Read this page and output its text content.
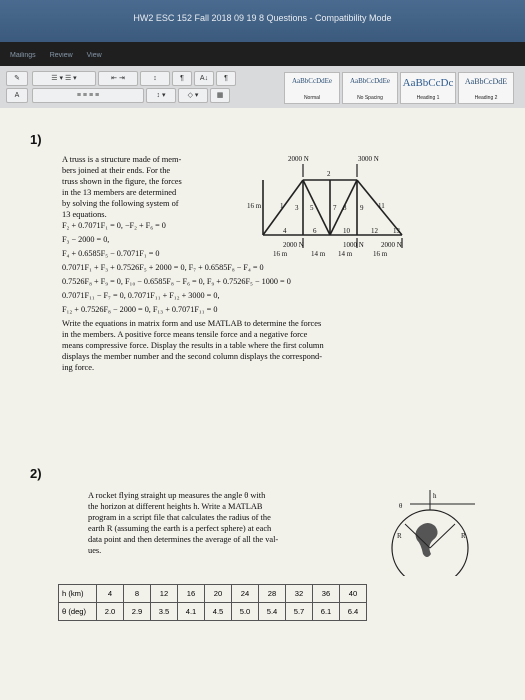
HW2 ESC 152 Fall 2018 09 19 8 Questions - Compatibility Mode
Mailings Review View
✎
A
☰ ▾ ☰ ▾	⇤ ⇥	↕	¶	A↓	¶
≡ ≡ ≡ ≡	↕ ▾	◇ ▾	▦
AaBbCcDdEe
Normal
AaBbCcDdEe
No Spacing
AaBbCcDc
Heading 1
AaBbCcDdE
Heading 2
1)
A truss is a structure made of mem-
bers joined at their ends. For the
truss shown in the figure, the forces
in the 13 members are determined
by solving the following system of
13 equations.
F₂ + 0.7071F₁ = 0, −F₂ + F₆ = 0
F₃ − 2000 = 0,
F₄ + 0.6585F₅ − 0.7071F₁ = 0
0.7071F₁ + F₃ + 0.7526F₅ + 2000 = 0, F₇ + 0.6585F₈ − F₄ = 0
0.7526F₈ + F₉ = 0, F₁₀ − 0.6585F₈ − F₆ = 0, F₉ + 0.7526F₅ − 1000 = 0
0.7071F₁₁ − F₇ = 0, 0.7071F₁₁ + F₁₂ + 3000 = 0,
F₁₂ + 0.7526F₈ − 2000 = 0, F₁₃ + 0.7071F₁₁ = 0
Write the equations in matrix form and use MATLAB to determine the forces
in the members. A positive force means tensile force and a negative force
means compressive force. Display the results in a table where the first column
displays the member number and the second column displays the correspond-
ing force.
2000 N	3000 N
16 m
2000 N	1000 N 2000 N
16 m	14 m 14 m	16 m
1
2
3
4
5
6
7 8 9
10
11
12 13
2)
A rocket flying straight up measures the angle θ with
the horizon at different heights h. Write a MATLAB
program in a script file that calculates the radius of the
earth R (assuming the earth is a perfect sphere) at each
data point and then determines the average of all the val-
ues.
θ
h
R	R
h (km)	4	8	12	16	20	24	28	32	36	40
θ (deg)	2.0	2.9	3.5	4.1	4.5	5.0	5.4	5.7	6.1	6.4
